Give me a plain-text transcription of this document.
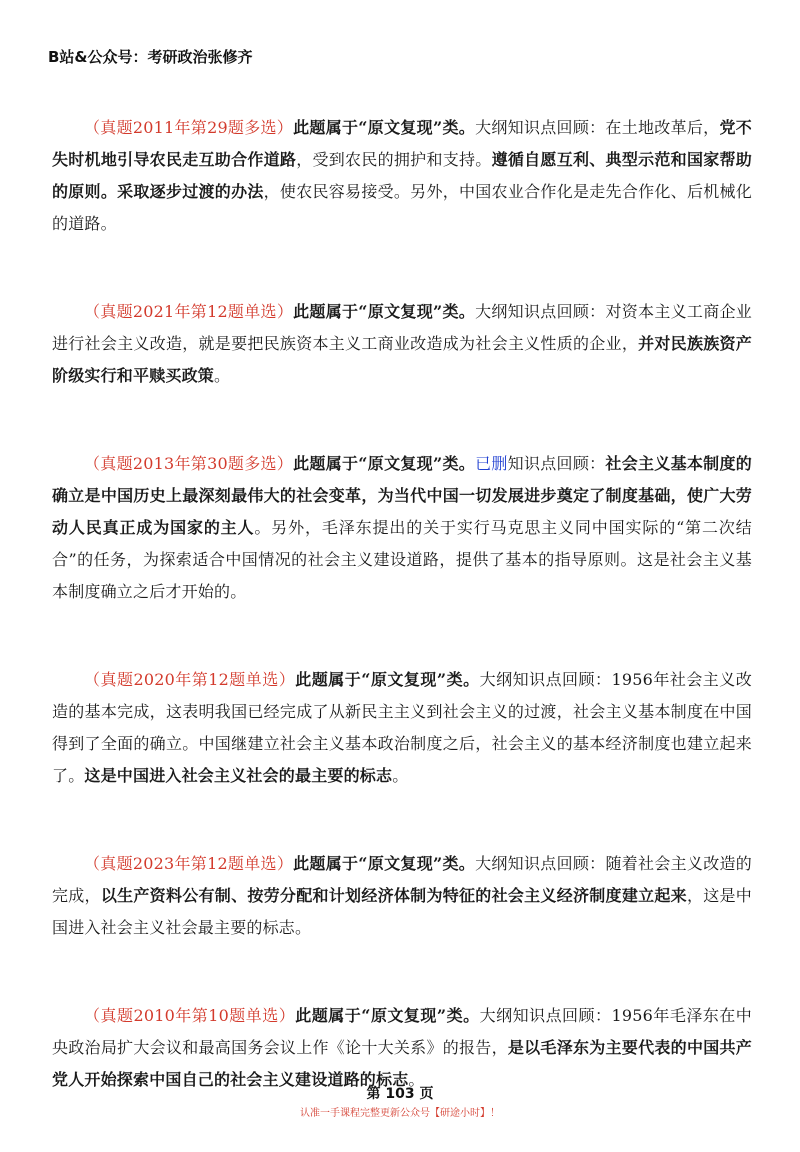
B站&公众号：考研政治张修齐

（真题2011年第29题多选）此题属于“原文复现”类。大纲知识点回顾：在土地改革后，党不失时机地引导农民走互助合作道路，受到农民的拥护和支持。遵循自愿互利、典型示范和国家帮助的原则。采取逐步过渡的办法，使农民容易接受。另外，中国农业合作化是走先合作化、后机械化的道路。

（真题2021年第12题单选）此题属于“原文复现”类。大纲知识点回顾：对资本主义工商企业进行社会主义改造，就是要把民族资本主义工商业改造成为社会主义性质的企业，并对民族族资产阶级实行和平赎买政策。

（真题2013年第30题多选）此题属于“原文复现”类。已删知识点回顾：社会主义基本制度的确立是中国历史上最深刻最伟大的社会变革，为当代中国一切发展进步奠定了制度基础，使广大劳动人民真正成为国家的主人。另外，毛泽东提出的关于实行马克思主义同中国实际的“第二次结合”的任务，为探索适合中国情况的社会主义建设道路，提供了基本的指导原则。这是社会主义基本制度确立之后才开始的。

（真题2020年第12题单选）此题属于“原文复现”类。大纲知识点回顾：1956年社会主义改造的基本完成，这表明我国已经完成了从新民主主义到社会主义的过渡，社会主义基本制度在中国得到了全面的确立。中国继建立社会主义基本政治制度之后，社会主义的基本经济制度也建立起来了。这是中国进入社会主义社会的最主要的标志。

（真题2023年第12题单选）此题属于“原文复现”类。大纲知识点回顾：随着社会主义改造的完成，以生产资料公有制、按劳分配和计划经济体制为特征的社会主义经济制度建立起来，这是中国进入社会主义社会最主要的标志。

（真题2010年第10题单选）此题属于“原文复现”类。大纲知识点回顾：1956年毛泽东在中央政治局扩大会议和最高国务会议上作《论十大关系》的报告，是以毛泽东为主要代表的中国共产党人开始探索中国自己的社会主义建设道路的标志。

第 103 页
认准一手课程完整更新公众号【研途小时】！
